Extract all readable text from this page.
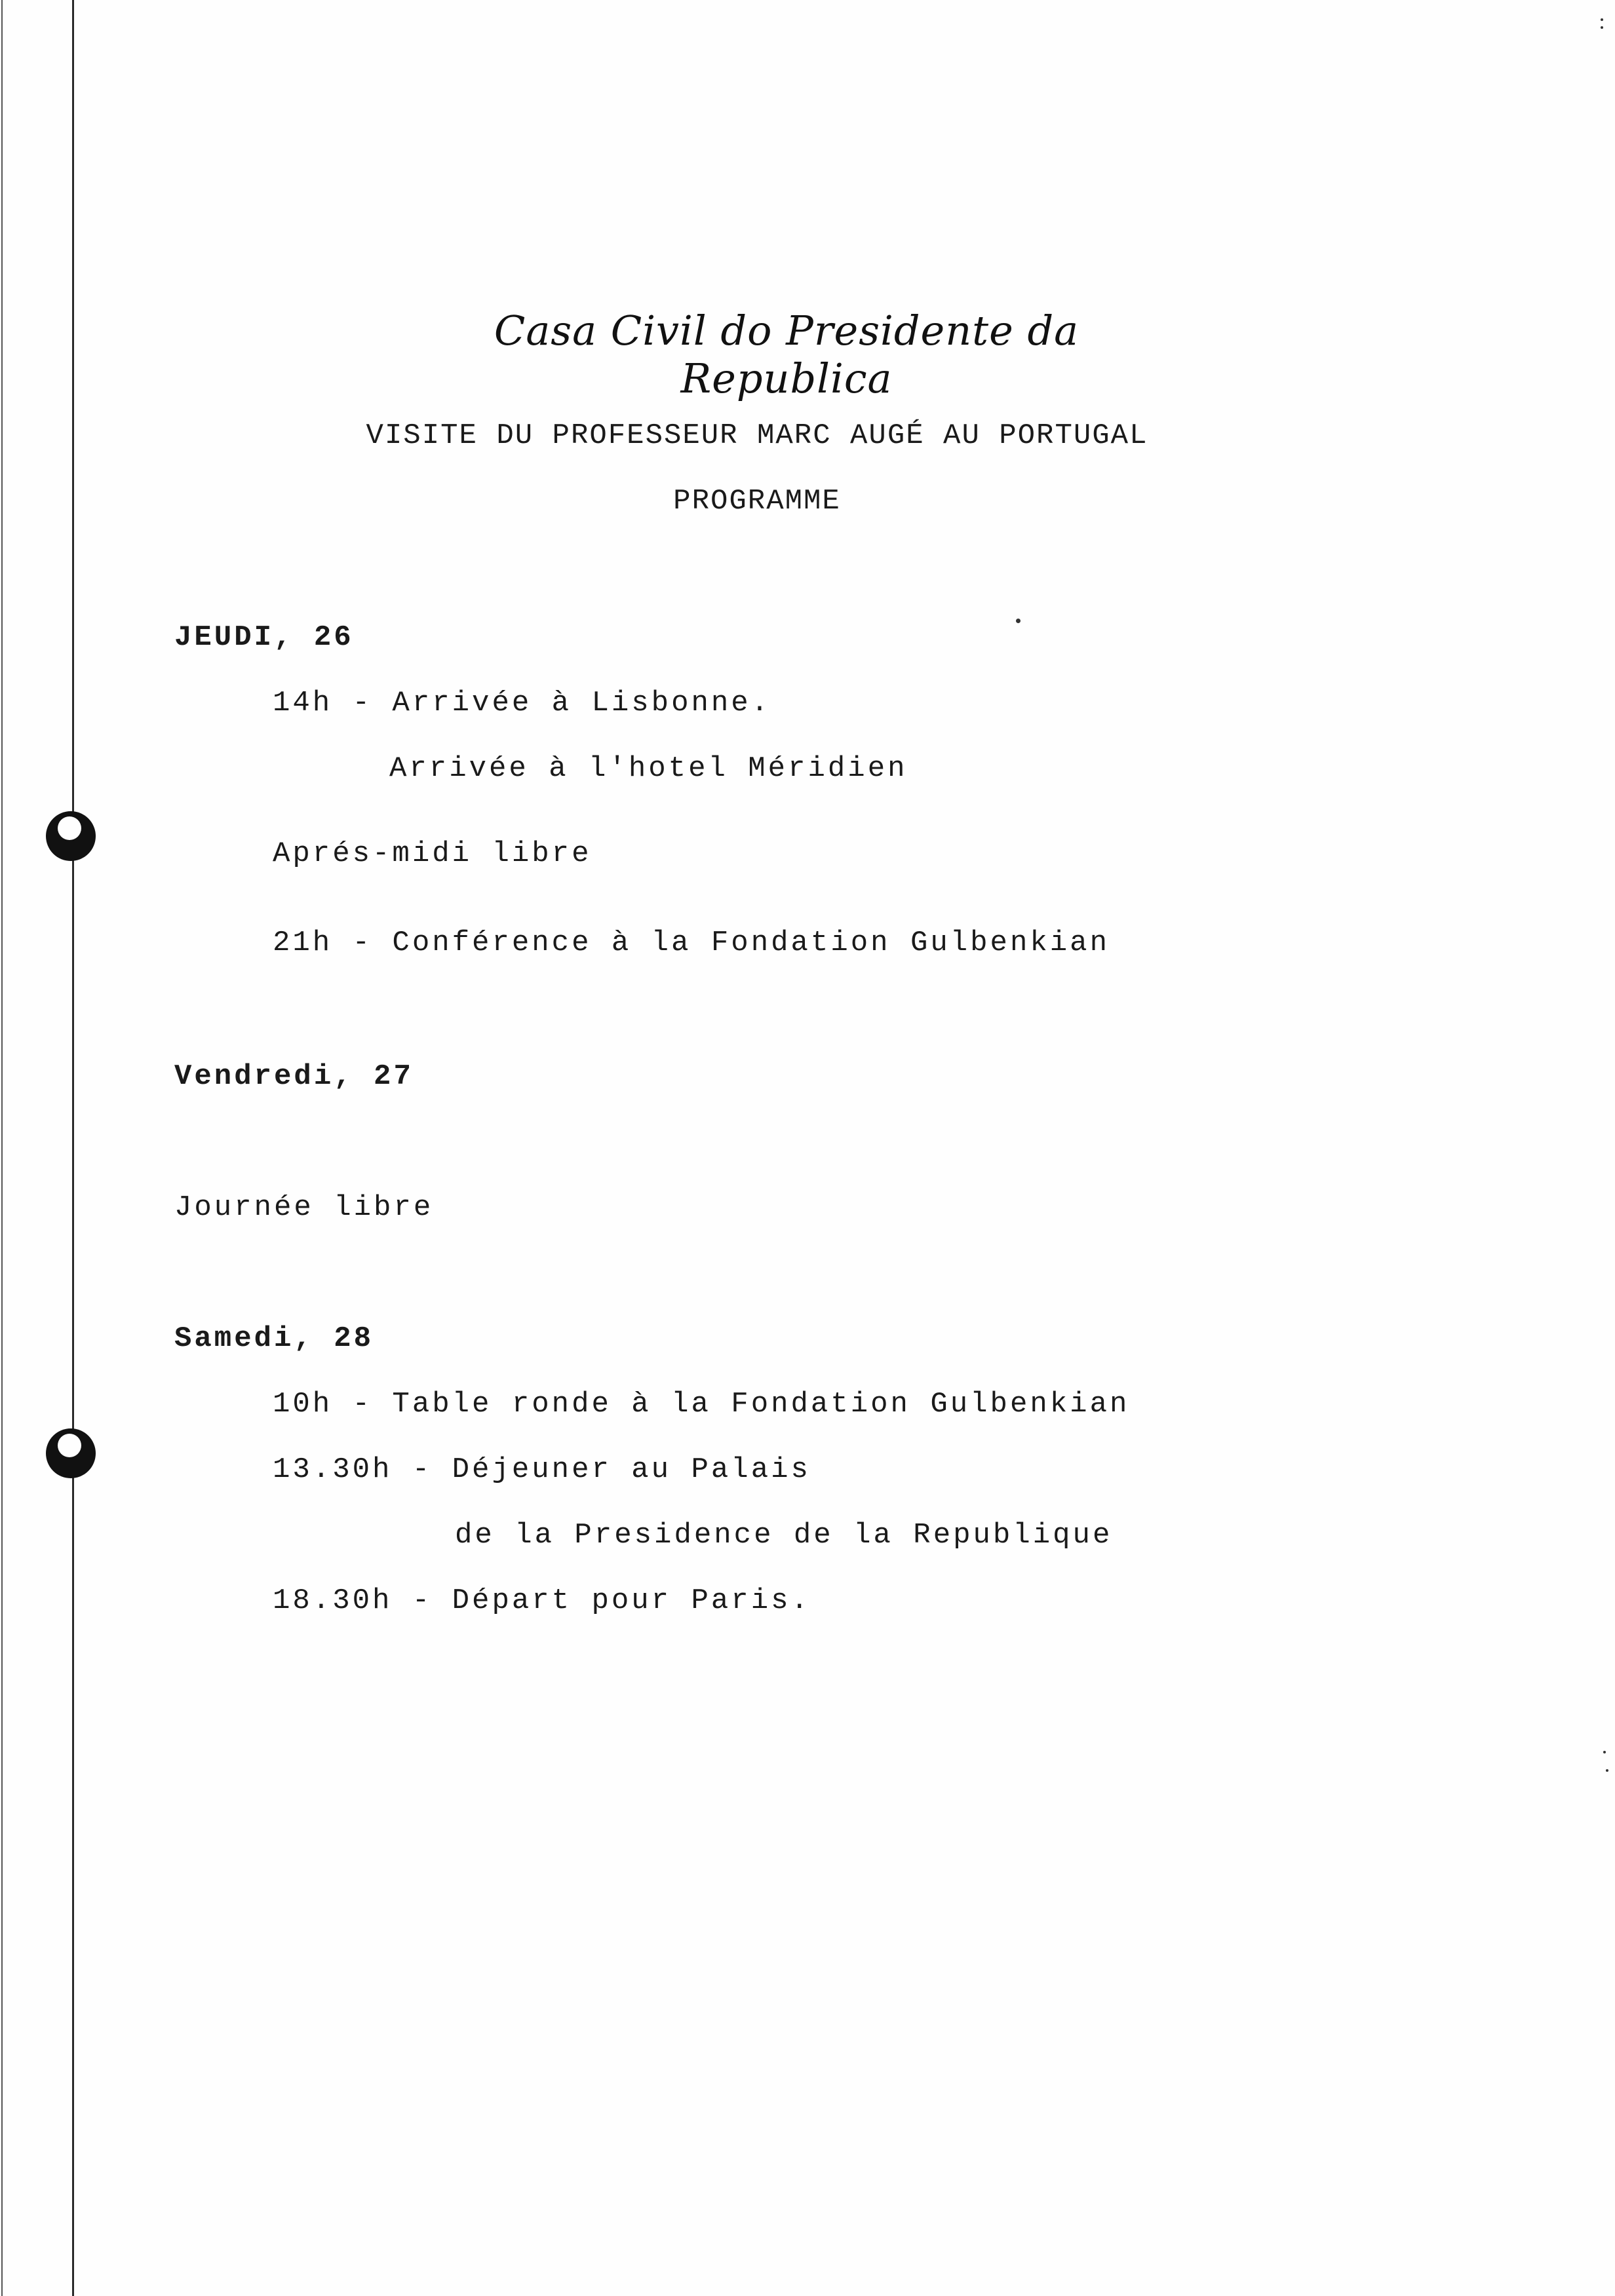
Casa Civil do Presidente da Republica
VISITE DU PROFESSEUR MARC AUGÉ AU PORTUGAL
PROGRAMME
JEUDI, 26
14h - Arrivée à Lisbonne.
Arrivée à l'hotel Méridien
Aprés-midi libre
21h - Conférence à la Fondation Gulbenkian
Vendredi, 27
Journée libre
Samedi, 28
10h - Table ronde à la Fondation Gulbenkian
13.30h - Déjeuner au Palais
de la Presidence de la Republique
18.30h - Départ pour Paris.
